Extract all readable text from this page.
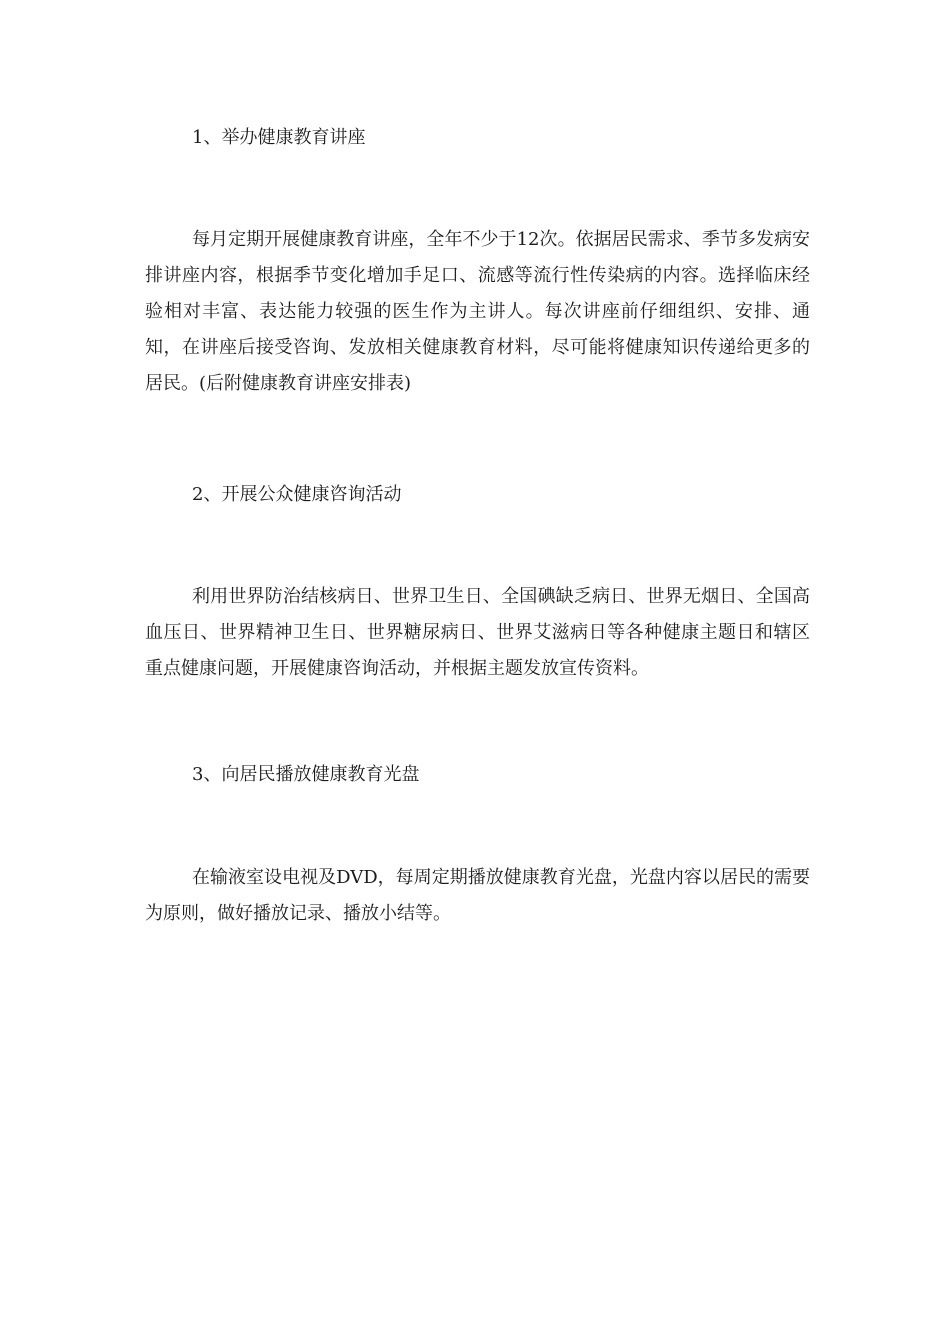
1、举办健康教育讲座

每月定期开展健康教育讲座，全年不少于12次。依据居民需求、季节多发病安排讲座内容，根据季节变化增加手足口、流感等流行性传染病的内容。选择临床经验相对丰富、表达能力较强的医生作为主讲人。每次讲座前仔细组织、安排、通知，在讲座后接受咨询、发放相关健康教育材料，尽可能将健康知识传递给更多的居民。(后附健康教育讲座安排表)

2、开展公众健康咨询活动

利用世界防治结核病日、世界卫生日、全国碘缺乏病日、世界无烟日、全国高血压日、世界精神卫生日、世界糖尿病日、世界艾滋病日等各种健康主题日和辖区重点健康问题，开展健康咨询活动，并根据主题发放宣传资料。

3、向居民播放健康教育光盘

在输液室设电视及DVD，每周定期播放健康教育光盘，光盘内容以居民的需要为原则，做好播放记录、播放小结等。
